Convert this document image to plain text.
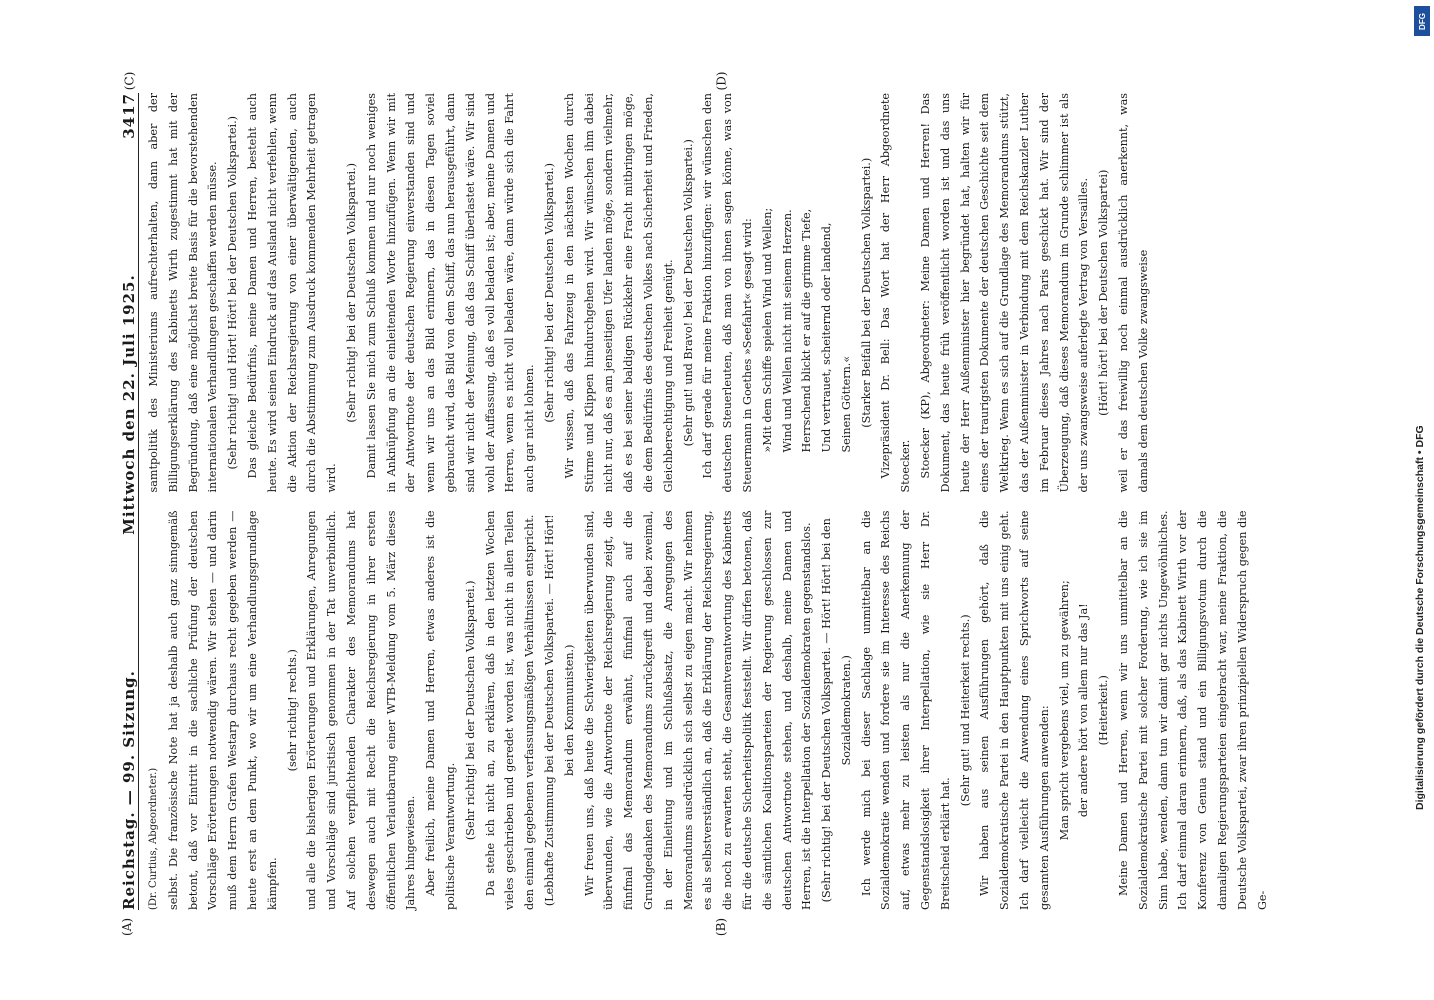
Reichstag. — 99. Sitzung.
Mittwoch den 22. Juli 1925.
3417

(Dr. Curtius, Abgeordneter.) selbst. Die französische Note hat ja deshalb auch ganz sinngemäß betont, daß vor Eintritt in die sachliche Prüfung der deutschen Vorschläge Erörterungen notwendig wären. Wir stehen — und darin muß dem Herrn Grafen Westarp durchaus recht gegeben werden — heute erst an dem Punkt, wo wir um eine Verhandlungsgrundlage kämpfen.

(sehr richtig! rechts.) und alle die bisherigen Erörterungen und Erklärungen, Anregungen und Vorschläge sind juristisch genommen in der Tat unverbindlich. Auf solchen verpflichtenden Charakter des Memorandums hat deswegen auch mit Recht die Reichsregierung in ihrer ersten öffentlichen Verlautbarung einer WTB-Meldung vom 5. März dieses Jahres hingewiesen. Aber freilich, meine Damen und Herren, etwas anderes ist die politische Verantwortung. (Sehr richtig! bei der Deutschen Volkspartei.) Da stehe ich nicht an, zu erklären, daß in den letzten Wochen vieles geschrieben und geredet worden ist, was nicht in allen Teilen den einmal gegebenen verfassungsmäßigen Verhältnissen entspricht. (Lebhafte Zustimmung bei der Deutschen Volkspartei. — Hört! Hört! bei den Kommunisten.) Wir freuen uns, daß heute die Schwierigkeiten überwunden sind, überwunden, wie die Antwortnote der Reichsregierung zeigt, die fünfmal das Memorandum erwähnt, fünfmal auch auf die Grundgedanken des Memorandums zurückgreift und dabei zweimal, in der Einleitung und im Schlußabsatz, die Anregungen des Memorandums ausdrücklich sich selbst zu eigen macht. Wir nehmen es als selbstverständlich an, daß die Erklärung der Reichsregierung, die noch zu erwarten steht, die Gesamtverantwortung des Kabinetts für die deutsche Sicherheitspolitik feststellt. Wir dürfen betonen, daß die sämtlichen Koalitionsparteien der Regierung geschlossen zur deutschen Antwortnote stehen, und deshalb, meine Damen und Herren, ist die Interpellation der Sozialdemokraten gegenstandslos. (Sehr richtig! bei der Deutschen Volkspartei. — Hört! Hört! bei den Sozialdemokraten.) Ich werde mich bei dieser Sachlage unmittelbar an die Sozialdemokratie wenden und fordere sie im Interesse des Reichs auf, etwas mehr zu leisten als nur die Anerkennung der Gegenstandslosigkeit ihrer Interpellation, wie sie Herr Dr. Breitscheid erklärt hat.

(Sehr gut! und Heiterkeit rechts.) Wir haben aus seinen Ausführungen gehört, daß die Sozialdemokratische Partei in den Hauptpunkten mit uns einig geht. Ich darf vielleicht die Anwendung eines Sprichworts auf seine gesamten Ausführungen anwenden: Man spricht vergebens viel, um zu gewähren; der andere hört von allem nur das Ja! (Heiterkeit.) Meine Damen und Herren, wenn wir uns unmittelbar an die Sozialdemokratische Partei mit solcher Forderung, wie ich sie im Sinn habe, wenden, dann tun wir damit gar nichts Ungewöhnliches. Ich darf einmal daran erinnern, daß, als das Kabinett Wirth vor der Konferenz von Genua stand und ein Billigungsvotum durch die damaligen Regierungsparteien eingebracht war, meine Fraktion, die Deutsche Volkspartei, zwar ihren prinzipiellen Widerspruch gegen die Ge-

samtpolitik des Ministeriums aufrechterhalten, dann aber der Billigungserklärung des Kabinetts Wirth zugestimmt hat mit der Begründung, daß eine möglichst breite Basis für die bevorstehenden internationalen Verhandlungen geschaffen werden müsse. (Sehr richtig! und Hört! Hört! bei der Deutschen Volkspartei.) Das gleiche Bedürfnis, meine Damen und Herren, besteht auch heute. Es wird seinen Eindruck auf das Ausland nicht verfehlen, wenn die Aktion der Reichsregierung von einer überwältigenden, auch durch die Abstimmung zum Ausdruck kommenden Mehrheit getragen wird.

(Sehr richtig! bei der Deutschen Volkspartei.) Damit lassen Sie mich zum Schluß kommen und nur noch weniges in Anknüpfung an die einleitenden Worte hinzufügen. Wenn wir mit der Antwortnote der deutschen Regierung einverstanden sind und wenn wir uns an das Bild erinnern, das in diesen Tagen soviel gebraucht wird, das Bild von dem Schiff, das nun herausgeführt, dann sind wir nicht der Meinung, daß das Schiff überlastet wäre. Wir sind wohl der Auffassung, daß es voll beladen ist; aber, meine Damen und Herren, wenn es nicht voll beladen wäre, dann würde sich die Fahrt auch gar nicht lohnen.

(Sehr richtig! bei der Deutschen Volkspartei.) Wir wissen, daß das Fahrzeug in den nächsten Wochen durch Stürme und Klippen hindurchgehen wird. Wir wünschen ihm dabei nicht nur, daß es am jenseitigen Ufer landen möge, sondern vielmehr, daß es bei seiner baldigen Rückkehr eine Fracht mitbringen möge, die dem Bedürfnis des deutschen Volkes nach Sicherheit und Frieden, Gleichberechtigung und Freiheit genügt. (Sehr gut! und Bravo! bei der Deutschen Volkspartei.) Ich darf gerade für meine Fraktion hinzufügen: wir wünschen den deutschen Steuerleuten, daß man von ihnen sagen könne, was von Steuermann in Goethes »Seefahrt« gesagt wird: »Mit dem Schiffe spielen Wind und Wellen; Wind und Wellen nicht mit seinem Herzen. Herrschend blickt er auf die grimme Tiefe, Und vertrauet, scheiternd oder landend, Seinen Göttern.« (Starker Beifall bei der Deutschen Volkspartei.) Vizepräsident Dr. Bell: Das Wort hat der Herr Abgeordnete Stoecker. Stoecker (KP), Abgeordneter: Meine Damen und Herren! Das Dokument, das heute früh veröffentlicht worden ist und das uns heute der Herr Außenminister hier begründet hat, halten wir für eines der traurigsten Dokumente der deutschen Geschichte seit dem Weltkrieg. Wenn es sich auf die Grundlage des Memorandums stützt, das der Außenminister in Verbindung mit dem Reichskanzler Luther im Februar dieses Jahres nach Paris geschickt hat. Wir sind der Überzeugung, daß dieses Memorandum im Grunde schlimmer ist als der uns zwangsweise auferlegte Vertrag von Versailles. (Hört! hört! bei der Deutschen Volkspartei) weil er das freiwillig noch einmal ausdrücklich anerkennt, was damals dem deutschen Volke zwangsweise

(A)	(B)
(C)	(D)
Digitalisierung gefördert durch die Deutsche Forschungsgemeinschaft • DFG
DFG
